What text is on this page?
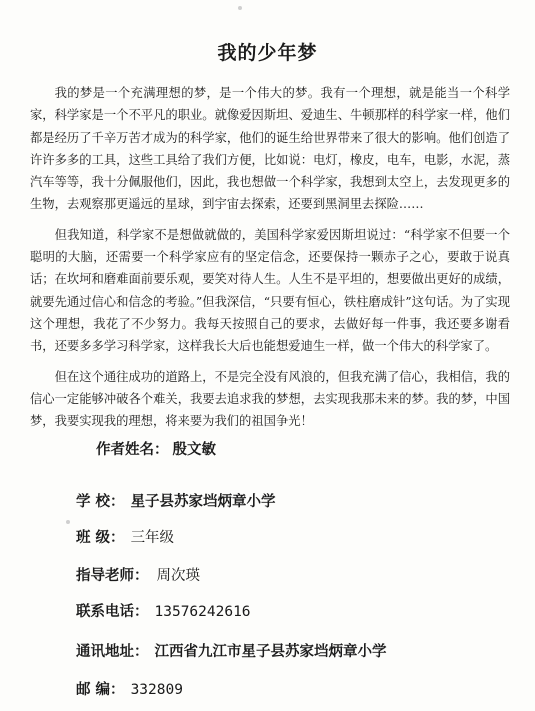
我的少年梦

我的梦是一个充满理想的梦，是一个伟大的梦。我有一个理想，就是能当一个科学家，科学家是一个不平凡的职业。就像爱因斯坦、爱迪生、牛顿那样的科学家一样，他们都是经历了千辛万苦才成为的科学家，他们的诞生给世界带来了很大的影响。他们创造了许许多多的工具，这些工具给了我们方便，比如说：电灯，橡皮，电车，电影，水泥，蒸汽车等等，我十分佩服他们，因此，我也想做一个科学家，我想到太空上，去发现更多的生物，去观察那更遥远的星球，到宇宙去探索，还要到黑洞里去探险……

但我知道，科学家不是想做就做的，美国科学家爱因斯坦说过：“科学家不但要一个聪明的大脑，还需要一个科学家应有的坚定信念，还要保持一颗赤子之心，要敢于说真话；在坎坷和磨难面前要乐观，要笑对待人生。人生不是平坦的，想要做出更好的成绩，就要先通过信心和信念的考验。”但我深信，“只要有恒心，铁柱磨成针”这句话。为了实现这个理想，我花了不少努力。我每天按照自己的要求，去做好每一件事，我还要多谢看书，还要多多学习科学家，这样我长大后也能想爱迪生一样，做一个伟大的科学家了。

但在这个通往成功的道路上，不是完全没有风浪的，但我充满了信心，我相信，我的信心一定能够冲破各个难关，我要去追求我的梦想，去实现我那未来的梦。我的梦，中国梦，我要实现我的理想，将来要为我们的祖国争光！

作者姓名： 殷文敏
学 校： 星子县苏家垱炳章小学
班 级： 三年级
指导老师： 周次瑛
联系电话： 13576242616
通讯地址： 江西省九江市星子县苏家垱炳章小学
邮 编： 332809
